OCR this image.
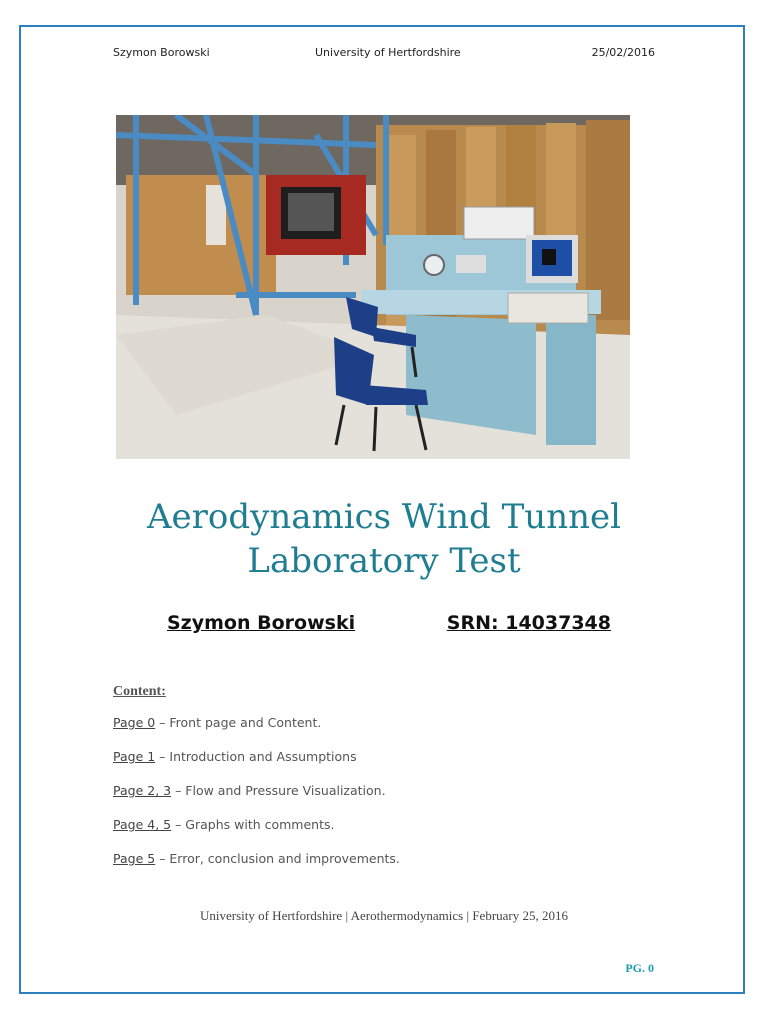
Szymon Borowski	University of Hertfordshire	25/02/2016
Aerodynamics Wind Tunnel
Laboratory Test
Szymon Borowski	SRN: 14037348
Content:
Page 0 – Front page and Content.
Page 1 – Introduction and Assumptions
Page 2, 3 – Flow and Pressure Visualization.
Page 4, 5 – Graphs with comments.
Page 5 – Error, conclusion and improvements.
University of Hertfordshire | Aerothermodynamics | February 25, 2016
PG. 0
